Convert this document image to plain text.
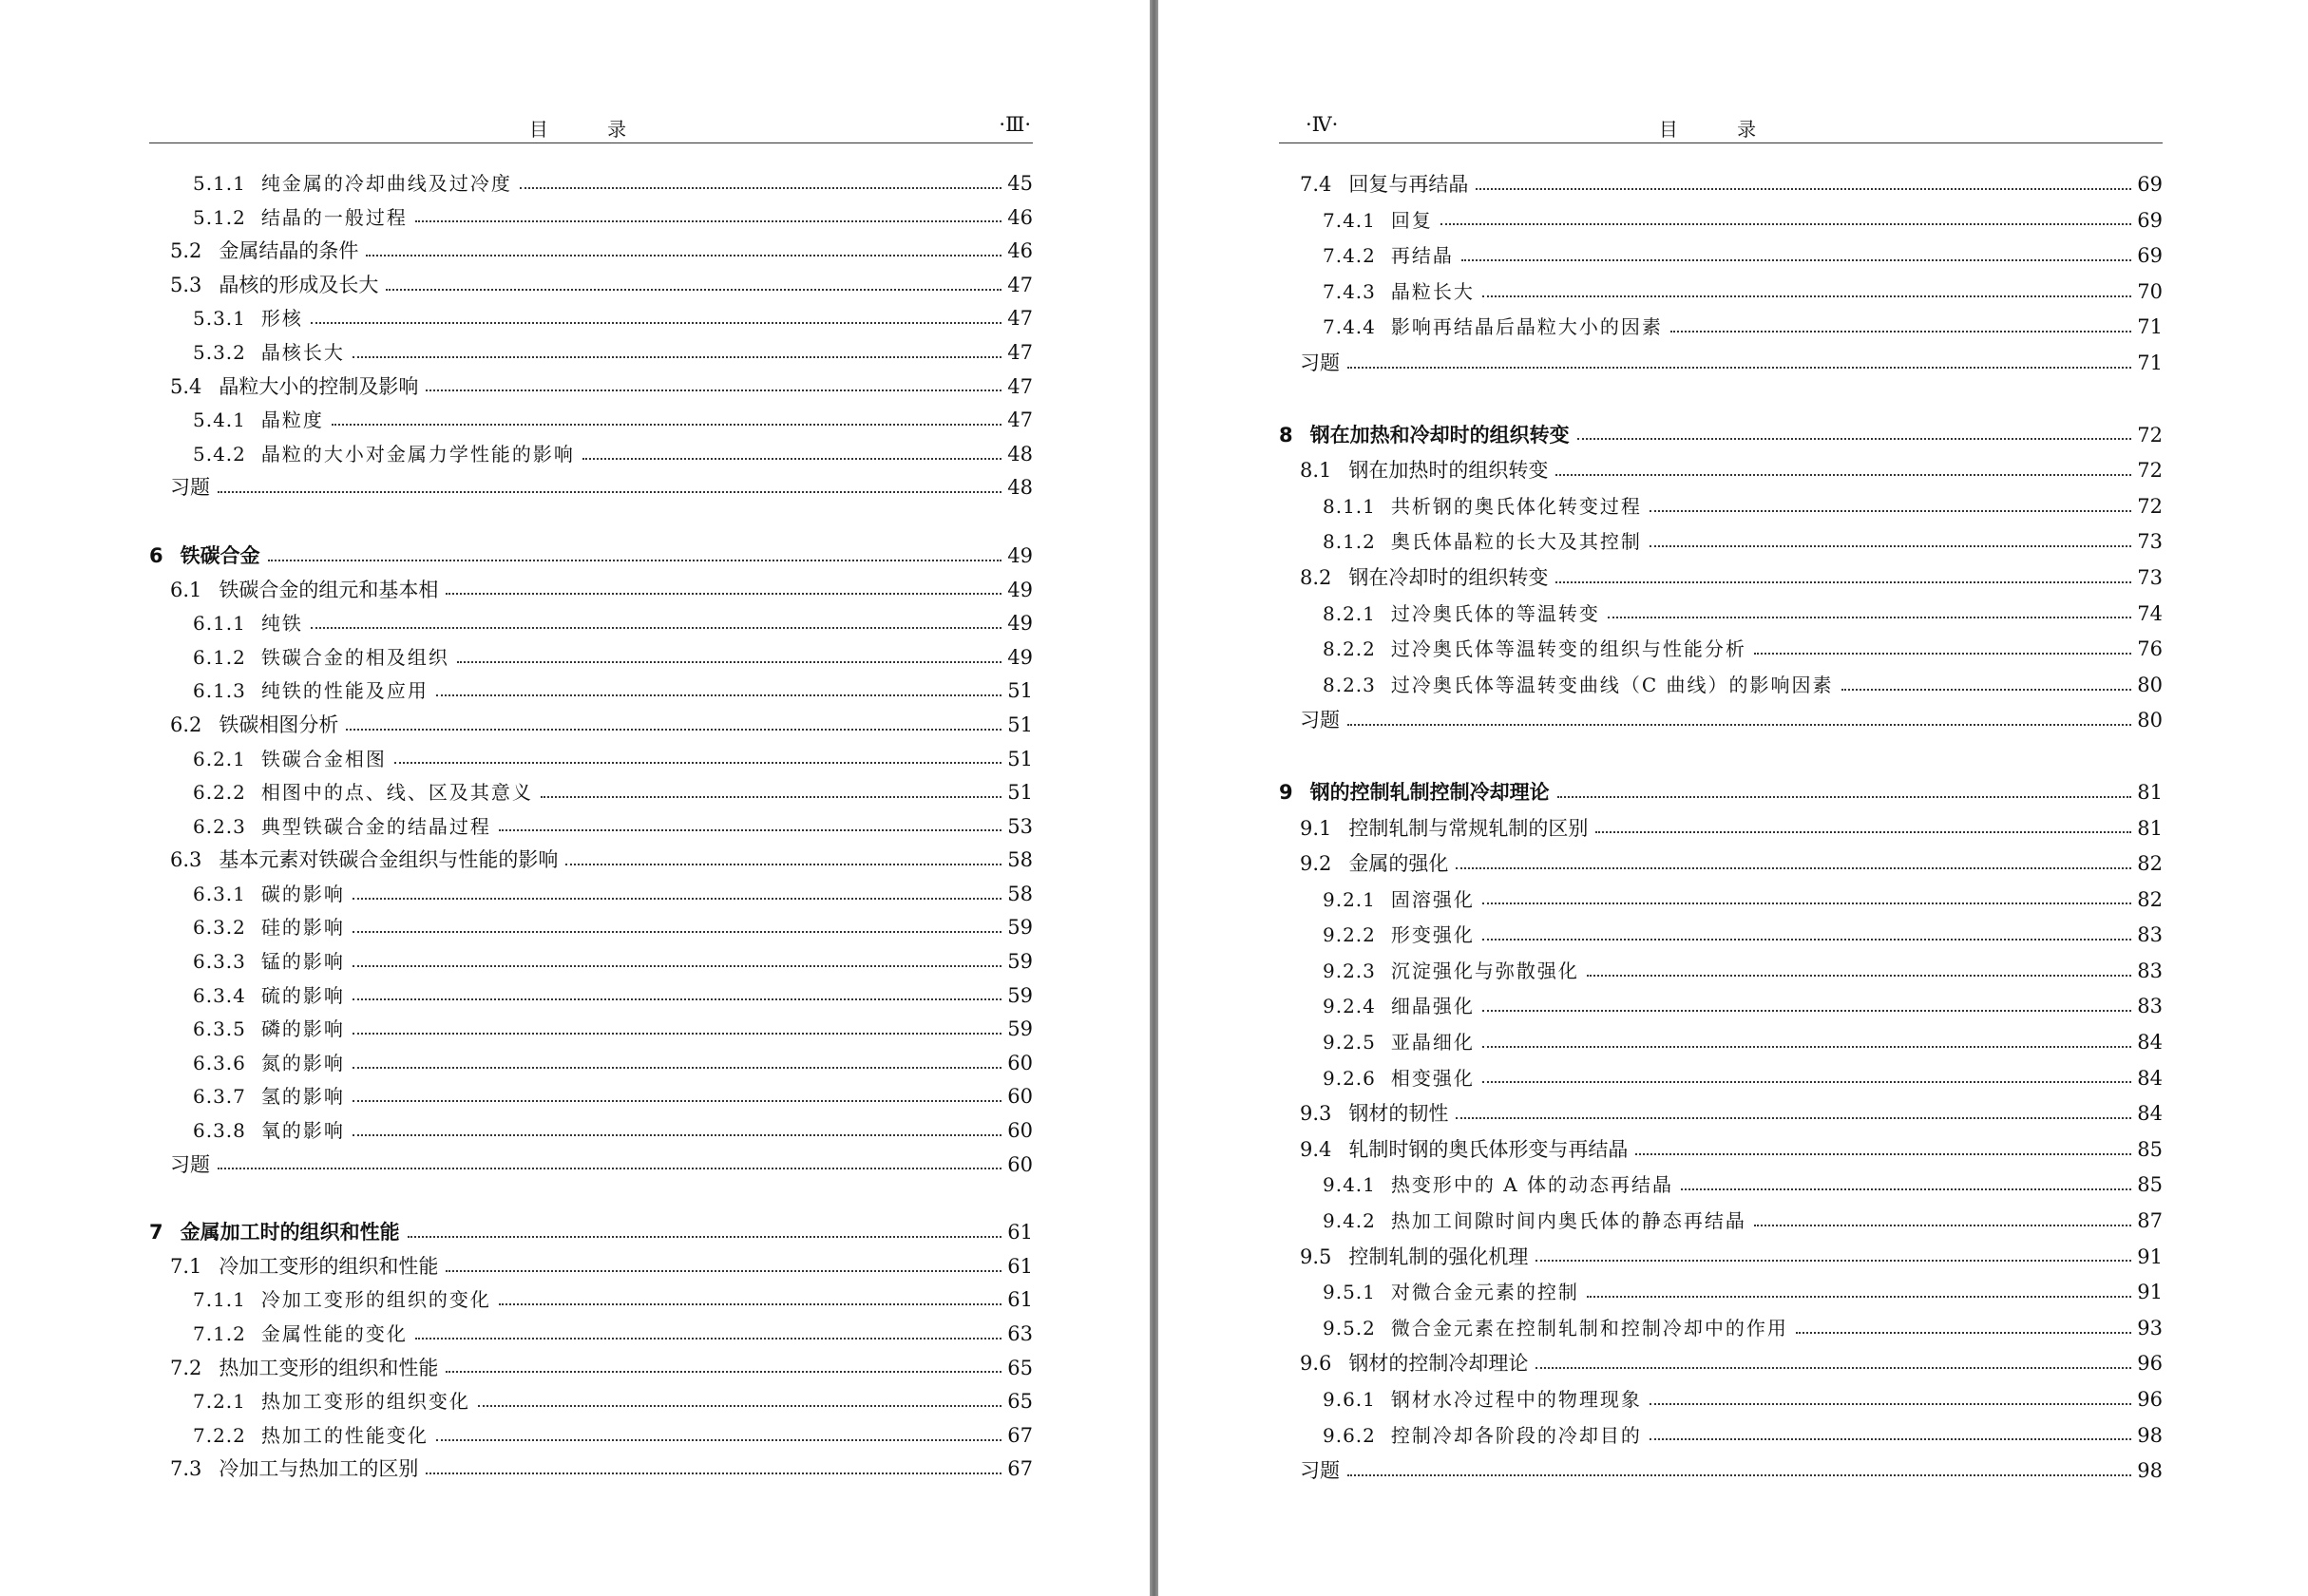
目 录	·Ⅲ·
5.1.1 纯金属的冷却曲线及过冷度	45
5.1.2 结晶的一般过程	46
5.2 金属结晶的条件	46
5.3 晶核的形成及长大	47
5.3.1 形核	47
5.3.2 晶核长大	47
5.4 晶粒大小的控制及影响	47
5.4.1 晶粒度	47
5.4.2 晶粒的大小对金属力学性能的影响	48
习题	48
6 铁碳合金	49
6.1 铁碳合金的组元和基本相	49
6.1.1 纯铁	49
6.1.2 铁碳合金的相及组织	49
6.1.3 纯铁的性能及应用	51
6.2 铁碳相图分析	51
6.2.1 铁碳合金相图	51
6.2.2 相图中的点、线、区及其意义	51
6.2.3 典型铁碳合金的结晶过程	53
6.3 基本元素对铁碳合金组织与性能的影响	58
6.3.1 碳的影响	58
6.3.2 硅的影响	59
6.3.3 锰的影响	59
6.3.4 硫的影响	59
6.3.5 磷的影响	59
6.3.6 氮的影响	60
6.3.7 氢的影响	60
6.3.8 氧的影响	60
习题	60
7 金属加工时的组织和性能	61
7.1 冷加工变形的组织和性能	61
7.1.1 冷加工变形的组织的变化	61
7.1.2 金属性能的变化	63
7.2 热加工变形的组织和性能	65
7.2.1 热加工变形的组织变化	65
7.2.2 热加工的性能变化	67
7.3 冷加工与热加工的区别	67
·Ⅳ·	目 录
7.4 回复与再结晶	69
7.4.1 回复	69
7.4.2 再结晶	69
7.4.3 晶粒长大	70
7.4.4 影响再结晶后晶粒大小的因素	71
习题	71
8 钢在加热和冷却时的组织转变	72
8.1 钢在加热时的组织转变	72
8.1.1 共析钢的奥氏体化转变过程	72
8.1.2 奥氏体晶粒的长大及其控制	73
8.2 钢在冷却时的组织转变	73
8.2.1 过冷奥氏体的等温转变	74
8.2.2 过冷奥氏体等温转变的组织与性能分析	76
8.2.3 过冷奥氏体等温转变曲线（C 曲线）的影响因素	80
习题	80
9 钢的控制轧制控制冷却理论	81
9.1 控制轧制与常规轧制的区别	81
9.2 金属的强化	82
9.2.1 固溶强化	82
9.2.2 形变强化	83
9.2.3 沉淀强化与弥散强化	83
9.2.4 细晶强化	83
9.2.5 亚晶细化	84
9.2.6 相变强化	84
9.3 钢材的韧性	84
9.4 轧制时钢的奥氏体形变与再结晶	85
9.4.1 热变形中的 A 体的动态再结晶	85
9.4.2 热加工间隙时间内奥氏体的静态再结晶	87
9.5 控制轧制的强化机理	91
9.5.1 对微合金元素的控制	91
9.5.2 微合金元素在控制轧制和控制冷却中的作用	93
9.6 钢材的控制冷却理论	96
9.6.1 钢材水冷过程中的物理现象	96
9.6.2 控制冷却各阶段的冷却目的	98
习题	98
